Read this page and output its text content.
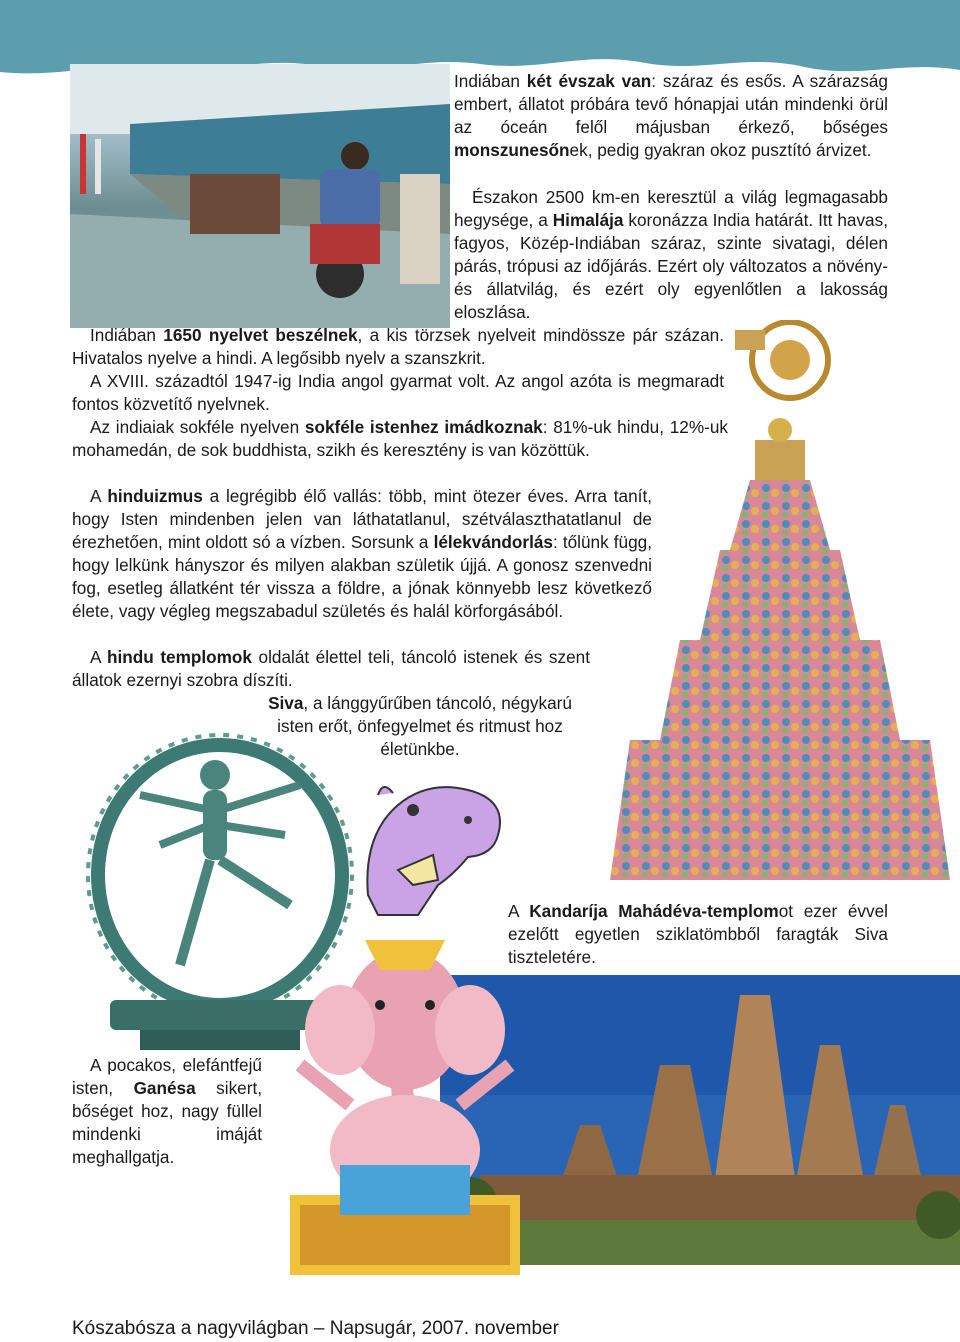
Indiában két évszak van: száraz és esős. A szárazság embert, állatot próbára tevő hónapjai után mindenki örül az óceán felől májusban érkező, bőséges monszunesőnek, pedig gyakran okoz pusztító árvizet.
Északon 2500 km-en keresztül a világ legmagasabb hegysége, a Himalája koronázza India határát. Itt havas, fagyos, Közép-Indiában száraz, szinte sivatagi, délen párás, trópusi az időjárás. Ezért oly változatos a növény- és állatvilág, és ezért oly egyenlőtlen a lakosság eloszlása.
Indiában 1650 nyelvet beszélnek, a kis törzsek nyelveit mindössze pár százan. Hivatalos nyelve a hindi. A legősibb nyelv a szanszkrit.
A XVIII. századtól 1947-ig India angol gyarmat volt. Az angol azóta is megmaradt fontos közvetítő nyelvnek.
Az indiaiak sokféle nyelven sokféle istenhez imádkoznak: 81%-uk hindu, 12%-uk mohamedán, de sok buddhista, szikh és keresztény is van közöttük.
A hinduizmus a legrégibb élő vallás: több, mint ötezer éves. Arra tanít, hogy Isten mindenben jelen van láthatatlanul, szétválaszthatatlanul de érezhetően, mint oldott só a vízben. Sorsunk a lélekvándorlás: tőlünk függ, hogy lelkünk hányszor és milyen alakban születik újjá. A gonosz szenvedni fog, esetleg állatként tér vissza a földre, a jónak könnyebb lesz következő élete, vagy végleg megszabadul születés és halál körforgásából.
A hindu templomok oldalát élettel teli, táncoló istenek és szent állatok ezernyi szobra díszíti.
Siva, a lánggyűrűben táncoló, négykarú isten erőt, önfegyelmet és ritmust hoz életünkbe.
A Kandaríja Mahádéva-templomot ezer évvel ezelőtt egyetlen sziklatömbből faragták Siva tiszteletére.
A pocakos, elefántfejű isten, Ganésa sikert, bőséget hoz, nagy füllel mindenki imáját meghallgatja.
Kószabósza a nagyvilágban – Napsugár, 2007. november
